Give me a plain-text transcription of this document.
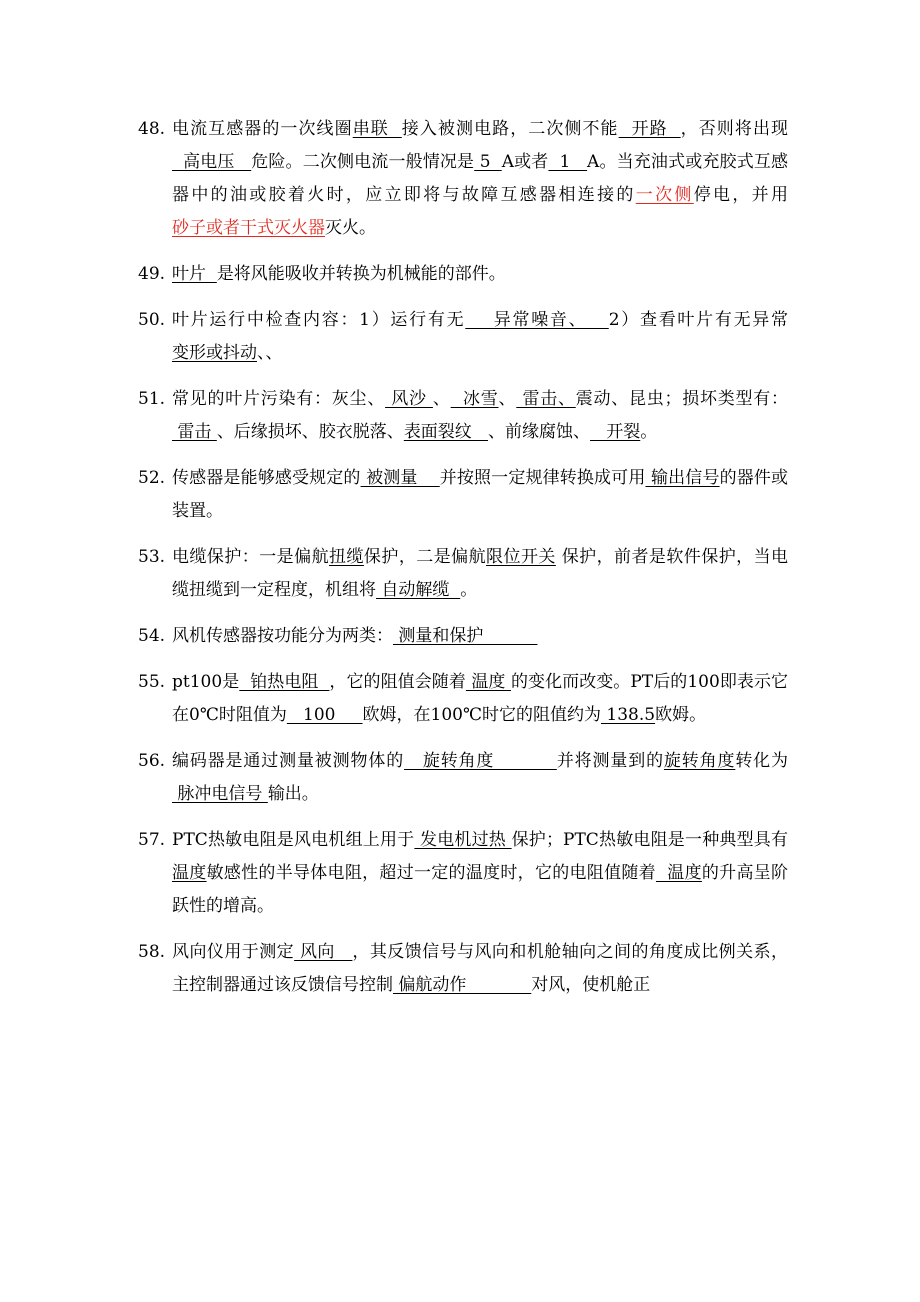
48. 电流互感器的一次线圈串联  接入被测电路，二次侧不能  开路  ，否则将出现  高电压   危险。二次侧电流一般情况是 5  A或者  1   A。当充油式或充胶式互感器中的油或胶着火时，应立即将与故障互感器相连接的一次侧停电，并用砂子或者干式灭火器灭火。
49. 叶片  是将风能吸收并转换为机械能的部件。
50. 叶片运行中检查内容：1）运行有无    异常噪音、   2）查看叶片有无异常变形或抖动、、
51. 常见的叶片污染有：灰尘、 风沙 、  冰雪、 雷击、震动、昆虫；损坏类型有： 雷击 、后缘损坏、胶衣脱落、表面裂纹   、前缘腐蚀、   开裂。
52. 传感器是能够感受规定的 被测量    并按照一定规律转换成可用 输出信号的器件或装置。
53. 电缆保护：一是偏航扭缆保护，二是偏航限位开关 保护，前者是软件保护，当电缆扭缆到一定程度，机组将 自动解缆  。
54. 风机传感器按功能分为两类： 测量和保护
55. pt100是  铂热电阻  ，它的阻值会随着 温度 的变化而改变。PT后的100即表示它在0℃时阻值为   100     欧姆，在100℃时它的阻值约为 138.5欧姆。
56. 编码器是通过测量被测物体的   旋转角度          并将测量到的旋转角度转化为 脉冲电信号 输出。
57. PTC热敏电阻是风电机组上用于 发电机过热 保护；PTC热敏电阻是一种典型具有温度敏感性的半导体电阻，超过一定的温度时，它的电阻值随着  温度的升高呈阶跃性的增高。
58. 风向仪用于测定 风向   ，其反馈信号与风向和机舱轴向之间的角度成比例关系，主控制器通过该反馈信号控制 偏航动作            对风，使机舱正
